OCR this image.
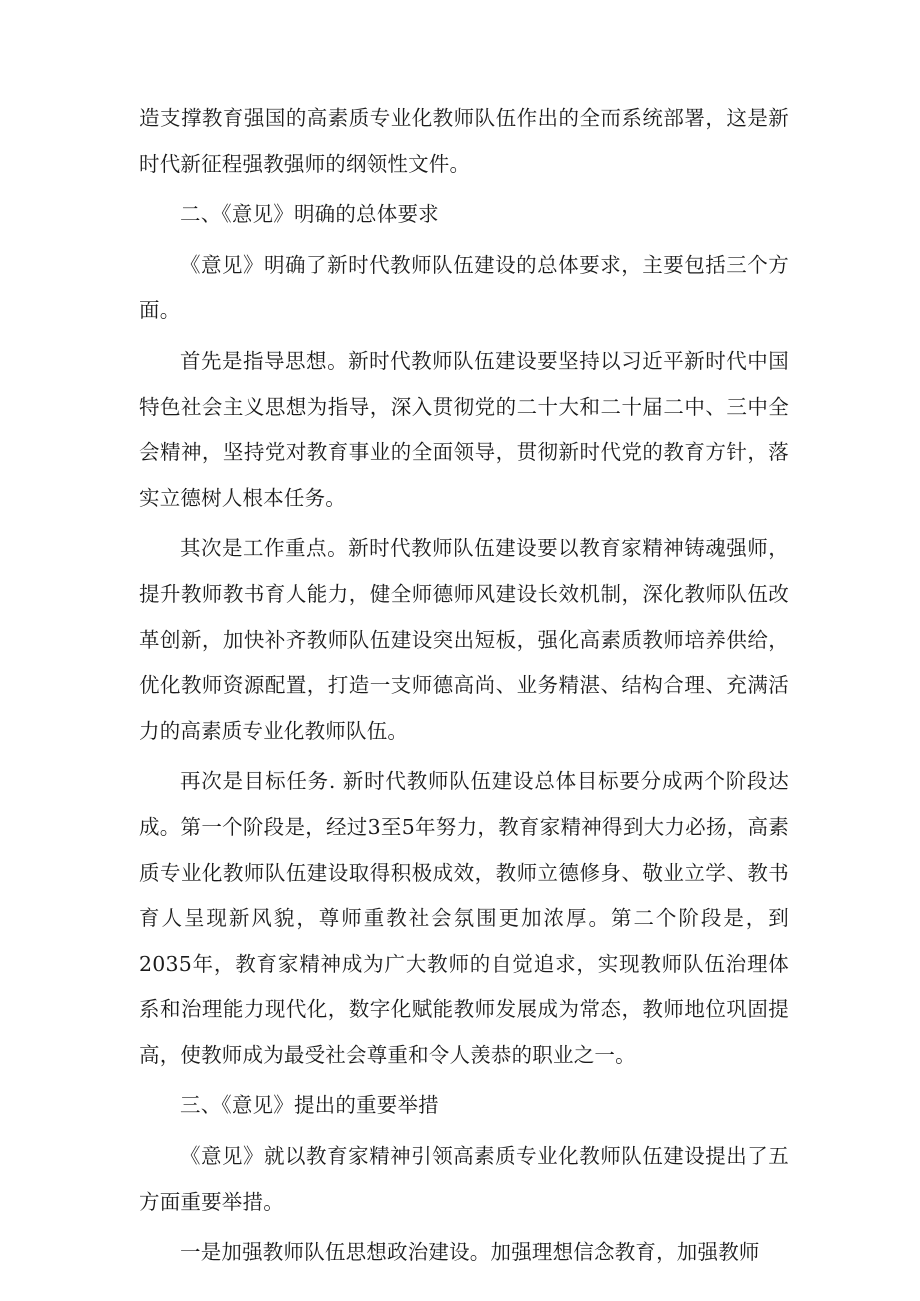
造支撑教育强国的高素质专业化教师队伍作出的全而系统部署，这是新时代新征程强教强师的纲领性文件。

二、《意见》明确的总体要求

《意见》明确了新时代教师队伍建设的总体要求，主要包括三个方面。

首先是指导思想。新时代教师队伍建设要坚持以习近平新时代中国特色社会主义思想为指导，深入贯彻党的二十大和二十届二中、三中全会精神，坚持党对教育事业的全面领导，贯彻新时代党的教育方针，落实立德树人根本任务。

其次是工作重点。新时代教师队伍建设要以教育家精神铸魂强师，提升教师教书育人能力，健全师德师风建设长效机制，深化教师队伍改革创新，加快补齐教师队伍建设突出短板，强化高素质教师培养供给，优化教师资源配置，打造一支师德高尚、业务精湛、结构合理、充满活力的高素质专业化教师队伍。

再次是目标任务. 新时代教师队伍建设总体目标要分成两个阶段达成。第一个阶段是，经过3至5年努力，教育家精神得到大力必扬，高素质专业化教师队伍建设取得积极成效，教师立德修身、敬业立学、教书育人呈现新风貌，尊师重教社会氛围更加浓厚。第二个阶段是，到2035年，教育家精神成为广大教师的自觉追求，实现教师队伍治理体系和治理能力现代化，数字化赋能教师发展成为常态，教师地位巩固提高，使教师成为最受社会尊重和令人羡恭的职业之一。

三、《意见》提出的重要举措

《意见》就以教育家精神引领高素质专业化教师队伍建设提出了五方面重要举措。

一是加强教师队伍思想政治建设。加强理想信念教育，加强教师
